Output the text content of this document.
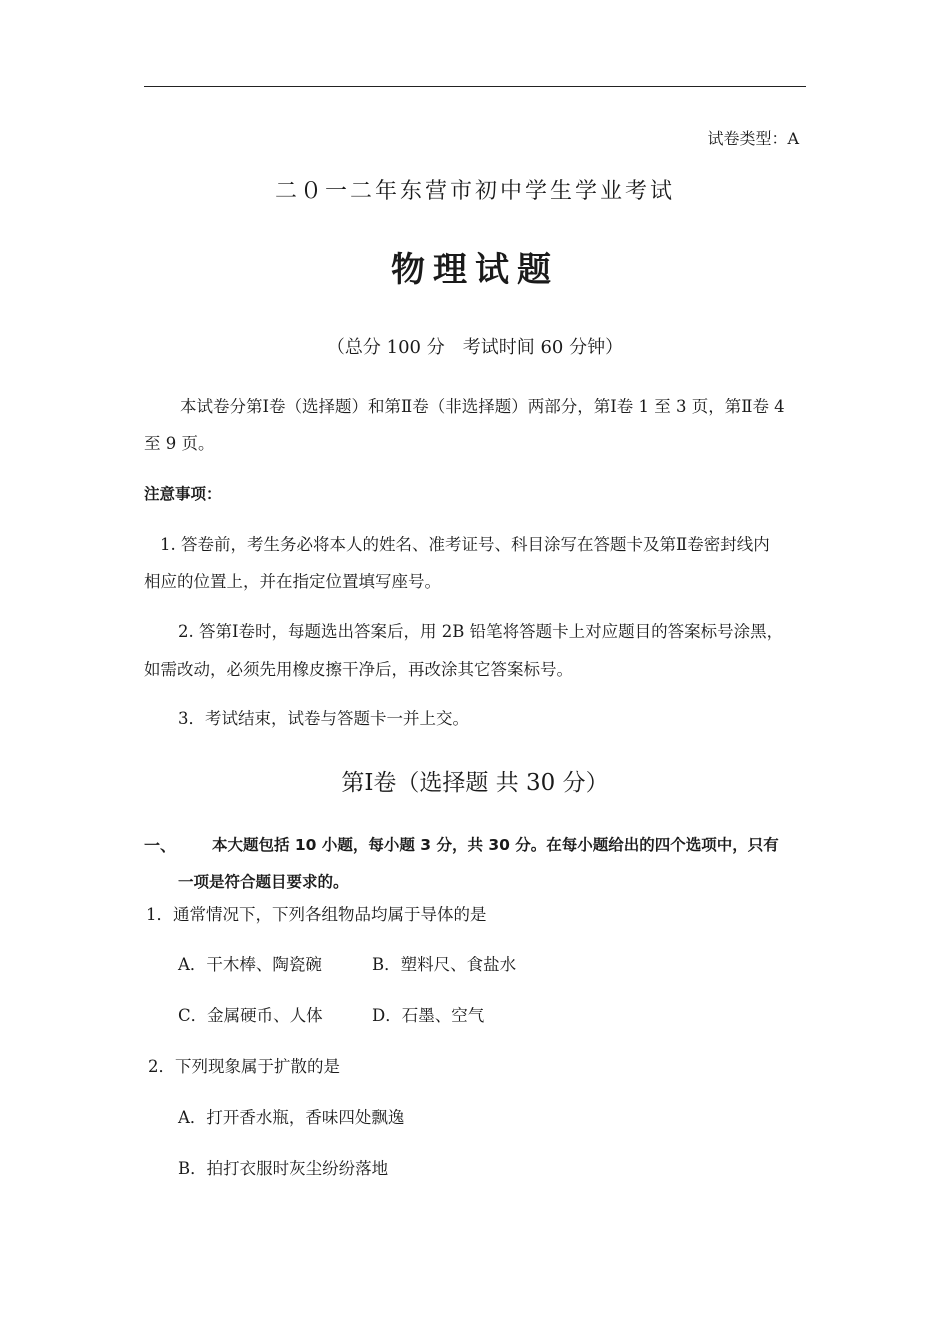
试卷类型：A
二０一二年东营市初中学生学业考试
物理试题
（总分 100 分　考试时间 60 分钟）
本试卷分第Ⅰ卷（选择题）和第Ⅱ卷（非选择题）两部分，第Ⅰ卷 1 至 3 页，第Ⅱ卷 4
至 9 页。
注意事项：
1. 答卷前，考生务必将本人的姓名、准考证号、科目涂写在答题卡及第Ⅱ卷密封线内
相应的位置上，并在指定位置填写座号。
2. 答第Ⅰ卷时，每题选出答案后，用 2B 铅笔将答题卡上对应题目的答案标号涂黑，
如需改动，必须先用橡皮擦干净后，再改涂其它答案标号。
3．考试结束，试卷与答题卡一并上交。
第Ⅰ卷（选择题 共 30 分）
一、 本大题包括 10 小题，每小题 3 分，共 30 分。在每小题给出的四个选项中，只有
一项是符合题目要求的。
1．通常情况下，下列各组物品均属于导体的是
A．干木棒、陶瓷碗	B．塑料尺、食盐水
C．金属硬币、人体	D．石墨、空气
2．下列现象属于扩散的是
A．打开香水瓶，香味四处飘逸
B．拍打衣服时灰尘纷纷落地
